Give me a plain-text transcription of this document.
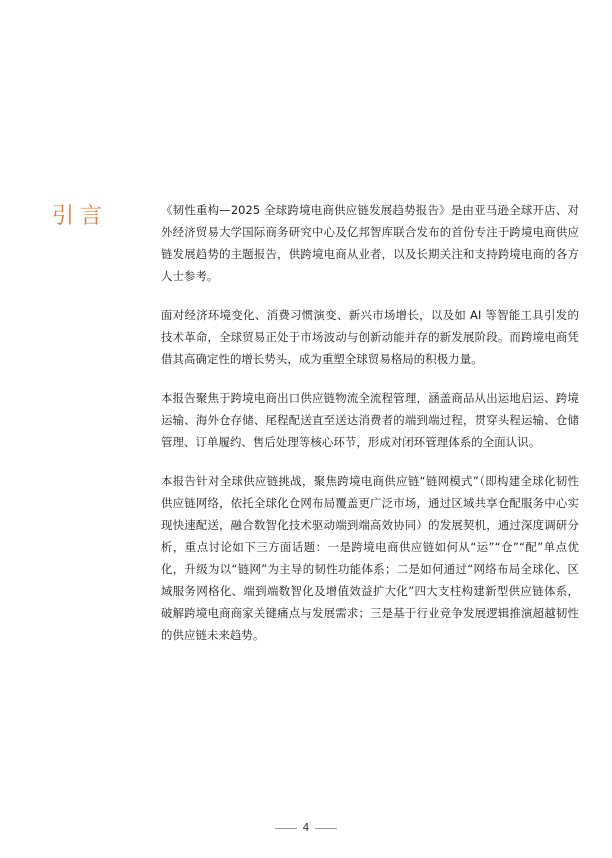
引言	《韧性重构—2025 全球跨境电商供应链发展趋势报告》是由亚马逊全球开店、对外经济贸易大学国际商务研究中心及亿邦智库联合发布的首份专注于跨境电商供应链发展趋势的主题报告，供跨境电商从业者，以及长期关注和支持跨境电商的各方人士参考。

面对经济环境变化、消费习惯演变、新兴市场增长，以及如 AI 等智能工具引发的技术革命，全球贸易正处于市场波动与创新动能并存的新发展阶段。而跨境电商凭借其高确定性的增长势头，成为重塑全球贸易格局的积极力量。

本报告聚焦于跨境电商出口供应链物流全流程管理，涵盖商品从出运地启运、跨境运输、海外仓存储、尾程配送直至送达消费者的端到端过程，贯穿头程运输、仓储管理、订单履约、售后处理等核心环节，形成对闭环管理体系的全面认识。

本报告针对全球供应链挑战，聚焦跨境电商供应链“链网模式”（即构建全球化韧性供应链网络，依托全球化仓网布局覆盖更广泛市场，通过区域共享仓配服务中心实现快速配送，融合数智化技术驱动端到端高效协同）的发展契机，通过深度调研分析，重点讨论如下三方面话题：一是跨境电商供应链如何从“运”“仓”“配”单点优化，升级为以“链网”为主导的韧性功能体系；二是如何通过“网络布局全球化、区域服务网格化、端到端数智化及增值效益扩大化”四大支柱构建新型供应链体系，破解跨境电商商家关键痛点与发展需求；三是基于行业竞争发展逻辑推演超越韧性的供应链未来趋势。

4
